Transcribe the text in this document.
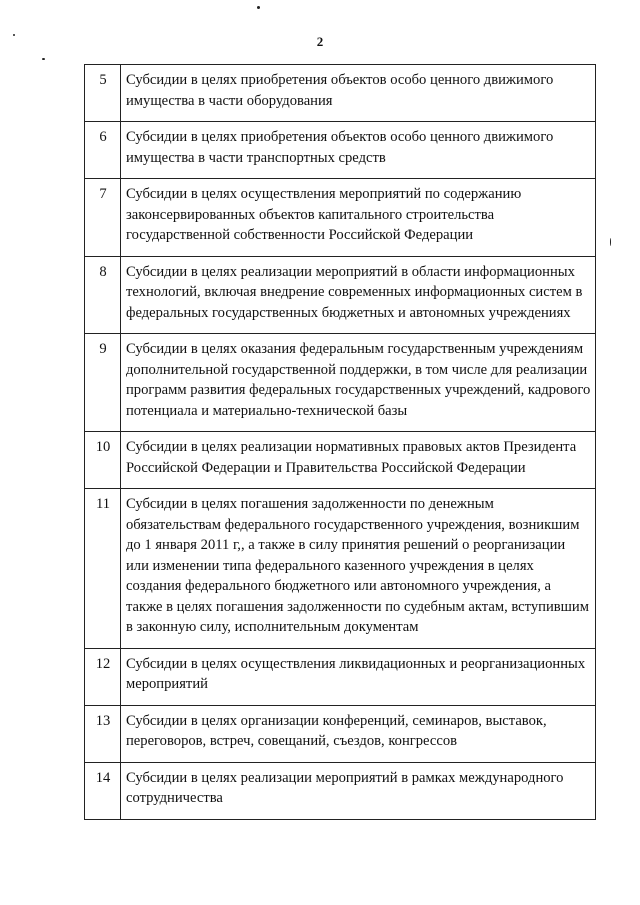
2
5	Субсидии в целях приобретения объектов особо ценного движимого имущества в части оборудования
6	Субсидии в целях приобретения объектов особо ценного движимого имущества в части транспортных средств
7	Субсидии в целях осуществления мероприятий по содержанию законсервированных объектов капитального строительства государственной собственности Российской Федерации
8	Субсидии в целях реализации мероприятий в области информационных технологий, включая внедрение современных информационных систем в федеральных государственных бюджетных и автономных учреждениях
9	Субсидии в целях оказания федеральным государственным учреждениям дополнительной государственной поддержки, в том числе для реализации программ развития федеральных государственных учреждений, кадрового потенциала и материально-технической базы
10	Субсидии в целях реализации нормативных правовых актов Президента Российской Федерации и Правительства Российской Федерации
11	Субсидии в целях погашения задолженности по денежным обязательствам федерального государственного учреждения, возникшим до 1 января 2011 г,, а также в силу принятия решений о реорганизации или изменении типа федерального казенного учреждения в целях создания федерального бюджетного или автономного учреждения, а также в целях погашения задолженности по судебным актам, вступившим в законную силу, исполнительным документам
12	Субсидии в целях осуществления ликвидационных и реорганизационных мероприятий
13	Субсидии в целях организации конференций, семинаров, выставок, переговоров, встреч, совещаний, съездов, конгрессов
14	Субсидии в целях реализации мероприятий в рамках международного сотрудничества
